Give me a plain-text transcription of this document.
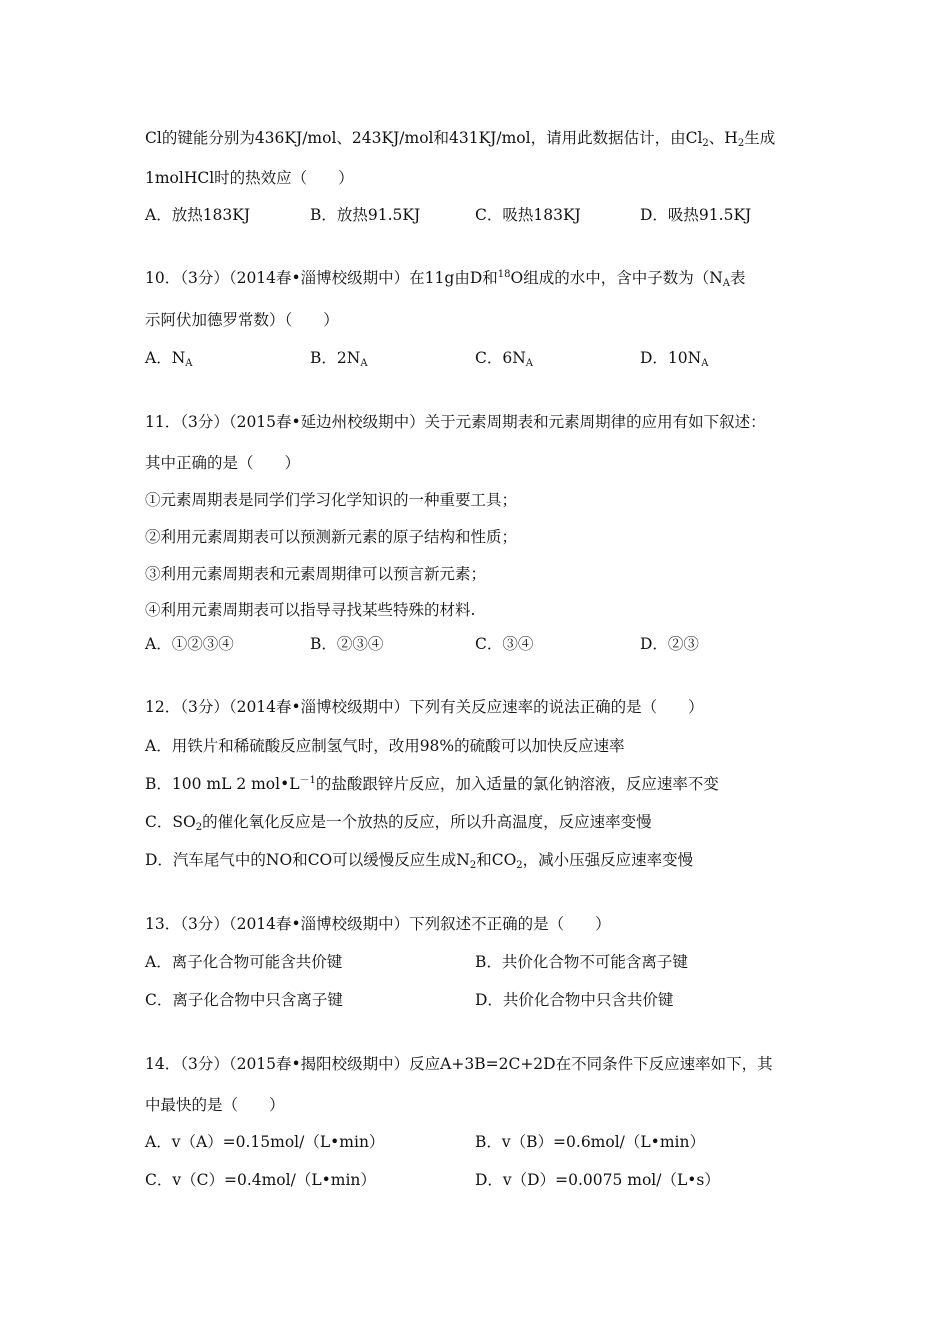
Cl的键能分别为436KJ/mol、243KJ/mol和431KJ/mol，请用此数据估计，由$Cl_2$、$H_2$生成
1molHCl时的热效应（　　）
A．放热183KJ	B．放热91.5KJ	C．吸热183KJ	D．吸热91.5KJ
10．（3分）（2014春•淄博校级期中）在11g由D和$^{18}$O组成的水中，含中子数为（$N_A$表
示阿伏加德罗常数）（　　）
A．$N_A$	B．$2N_A$	C．$6N_A$	D．$10N_A$
11．（3分）（2015春•延边州校级期中）关于元素周期表和元素周期律的应用有如下叙述：
其中正确的是（　　）
①元素周期表是同学们学习化学知识的一种重要工具；
②利用元素周期表可以预测新元素的原子结构和性质；
③利用元素周期表和元素周期律可以预言新元素；
④利用元素周期表可以指导寻找某些特殊的材料.
A．①②③④	B．②③④	C．③④	D．②③
12．（3分）（2014春•淄博校级期中）下列有关反应速率的说法正确的是（　　）
A．用铁片和稀硫酸反应制氢气时，改用98%的硫酸可以加快反应速率
B．100 mL 2 $mol•L^{-1}$的盐酸跟锌片反应，加入适量的氯化钠溶液，反应速率不变
C．$SO_2$的催化氧化反应是一个放热的反应，所以升高温度，反应速率变慢
D．汽车尾气中的NO和CO可以缓慢反应生成$N_2$和$CO_2$，减小压强反应速率变慢
13．（3分）（2014春•淄博校级期中）下列叙述不正确的是（　　）
A．离子化合物可能含共价键	B．共价化合物不可能含离子键
C．离子化合物中只含离子键	D．共价化合物中只含共价键
14．（3分）（2015春•揭阳校级期中）反应A+3B=2C+2D在不同条件下反应速率如下，其
中最快的是（　　）
A．v（A）=0.15mol/（L•min）	B．v（B）=0.6mol/（L•min）
C．v（C）=0.4mol/（L•min）	D．v（D）=0.0075 mol/（L•s）
